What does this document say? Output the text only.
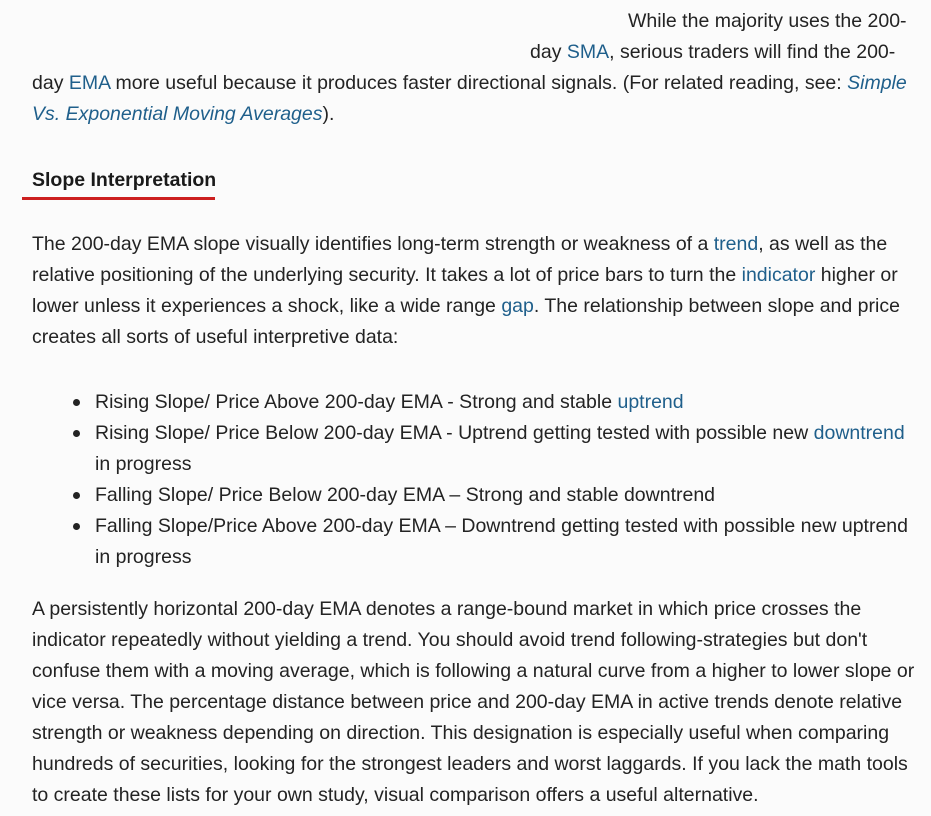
While the majority uses the 200-
day SMA, serious traders will find the 200-
day EMA more useful because it produces faster directional signals. (For related reading, see: Simple
Vs. Exponential Moving Averages).
Slope Interpretation

The 200-day EMA slope visually identifies long-term strength or weakness of a trend, as well as the relative positioning of the underlying security. It takes a lot of price bars to turn the indicator higher or lower unless it experiences a shock, like a wide range gap. The relationship between slope and price creates all sorts of useful interpretive data:

Rising Slope/ Price Above 200-day EMA - Strong and stable uptrend
Rising Slope/ Price Below 200-day EMA - Uptrend getting tested with possible new downtrend in progress
Falling Slope/ Price Below 200-day EMA – Strong and stable downtrend
Falling Slope/Price Above 200-day EMA – Downtrend getting tested with possible new uptrend in progress

A persistently horizontal 200-day EMA denotes a range-bound market in which price crosses the indicator repeatedly without yielding a trend. You should avoid trend following-strategies but don't confuse them with a moving average, which is following a natural curve from a higher to lower slope or vice versa. The percentage distance between price and 200-day EMA in active trends denote relative strength or weakness depending on direction. This designation is especially useful when comparing hundreds of securities, looking for the strongest leaders and worst laggards. If you lack the math tools to create these lists for your own study, visual comparison offers a useful alternative.
